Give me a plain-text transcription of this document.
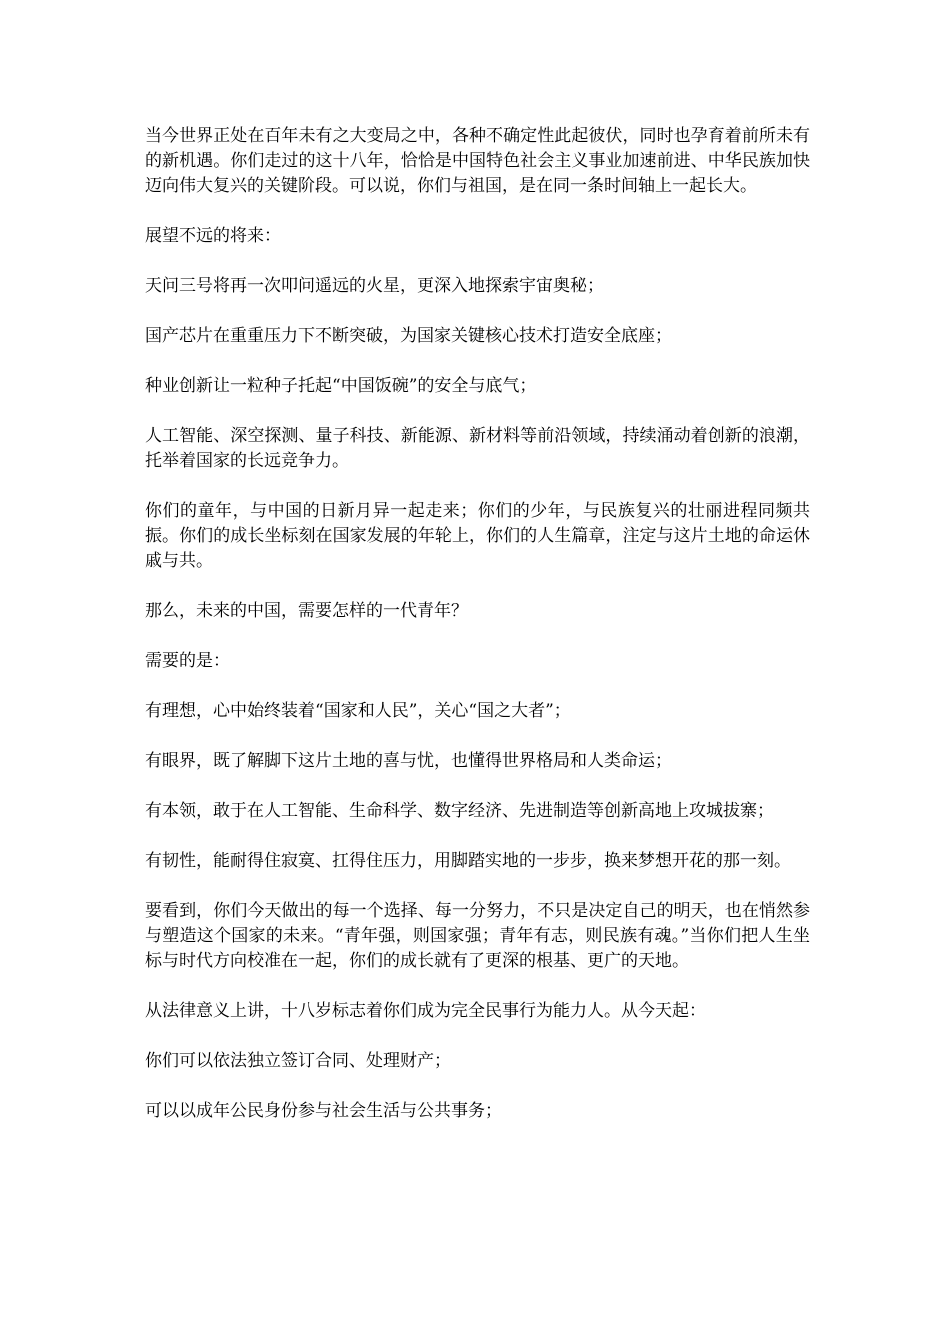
当今世界正处在百年未有之大变局之中，各种不确定性此起彼伏，同时也孕育着前所未有的新机遇。你们走过的这十八年，恰恰是中国特色社会主义事业加速前进、中华民族加快迈向伟大复兴的关键阶段。可以说，你们与祖国，是在同一条时间轴上一起长大。

展望不远的将来：

天问三号将再一次叩问遥远的火星，更深入地探索宇宙奥秘；

国产芯片在重重压力下不断突破，为国家关键核心技术打造安全底座；

种业创新让一粒种子托起“中国饭碗”的安全与底气；

人工智能、深空探测、量子科技、新能源、新材料等前沿领域，持续涌动着创新的浪潮，托举着国家的长远竞争力。

你们的童年，与中国的日新月异一起走来；你们的少年，与民族复兴的壮丽进程同频共振。你们的成长坐标刻在国家发展的年轮上，你们的人生篇章，注定与这片土地的命运休戚与共。

那么，未来的中国，需要怎样的一代青年？

需要的是：

有理想，心中始终装着“国家和人民”，关心“国之大者”；

有眼界，既了解脚下这片土地的喜与忧，也懂得世界格局和人类命运；

有本领，敢于在人工智能、生命科学、数字经济、先进制造等创新高地上攻城拔寨；

有韧性，能耐得住寂寞、扛得住压力，用脚踏实地的一步步，换来梦想开花的那一刻。

要看到，你们今天做出的每一个选择、每一分努力，不只是决定自己的明天，也在悄然参与塑造这个国家的未来。“青年强，则国家强；青年有志，则民族有魂。”当你们把人生坐标与时代方向校准在一起，你们的成长就有了更深的根基、更广的天地。

从法律意义上讲，十八岁标志着你们成为完全民事行为能力人。从今天起：

你们可以依法独立签订合同、处理财产；

可以以成年公民身份参与社会生活与公共事务；
